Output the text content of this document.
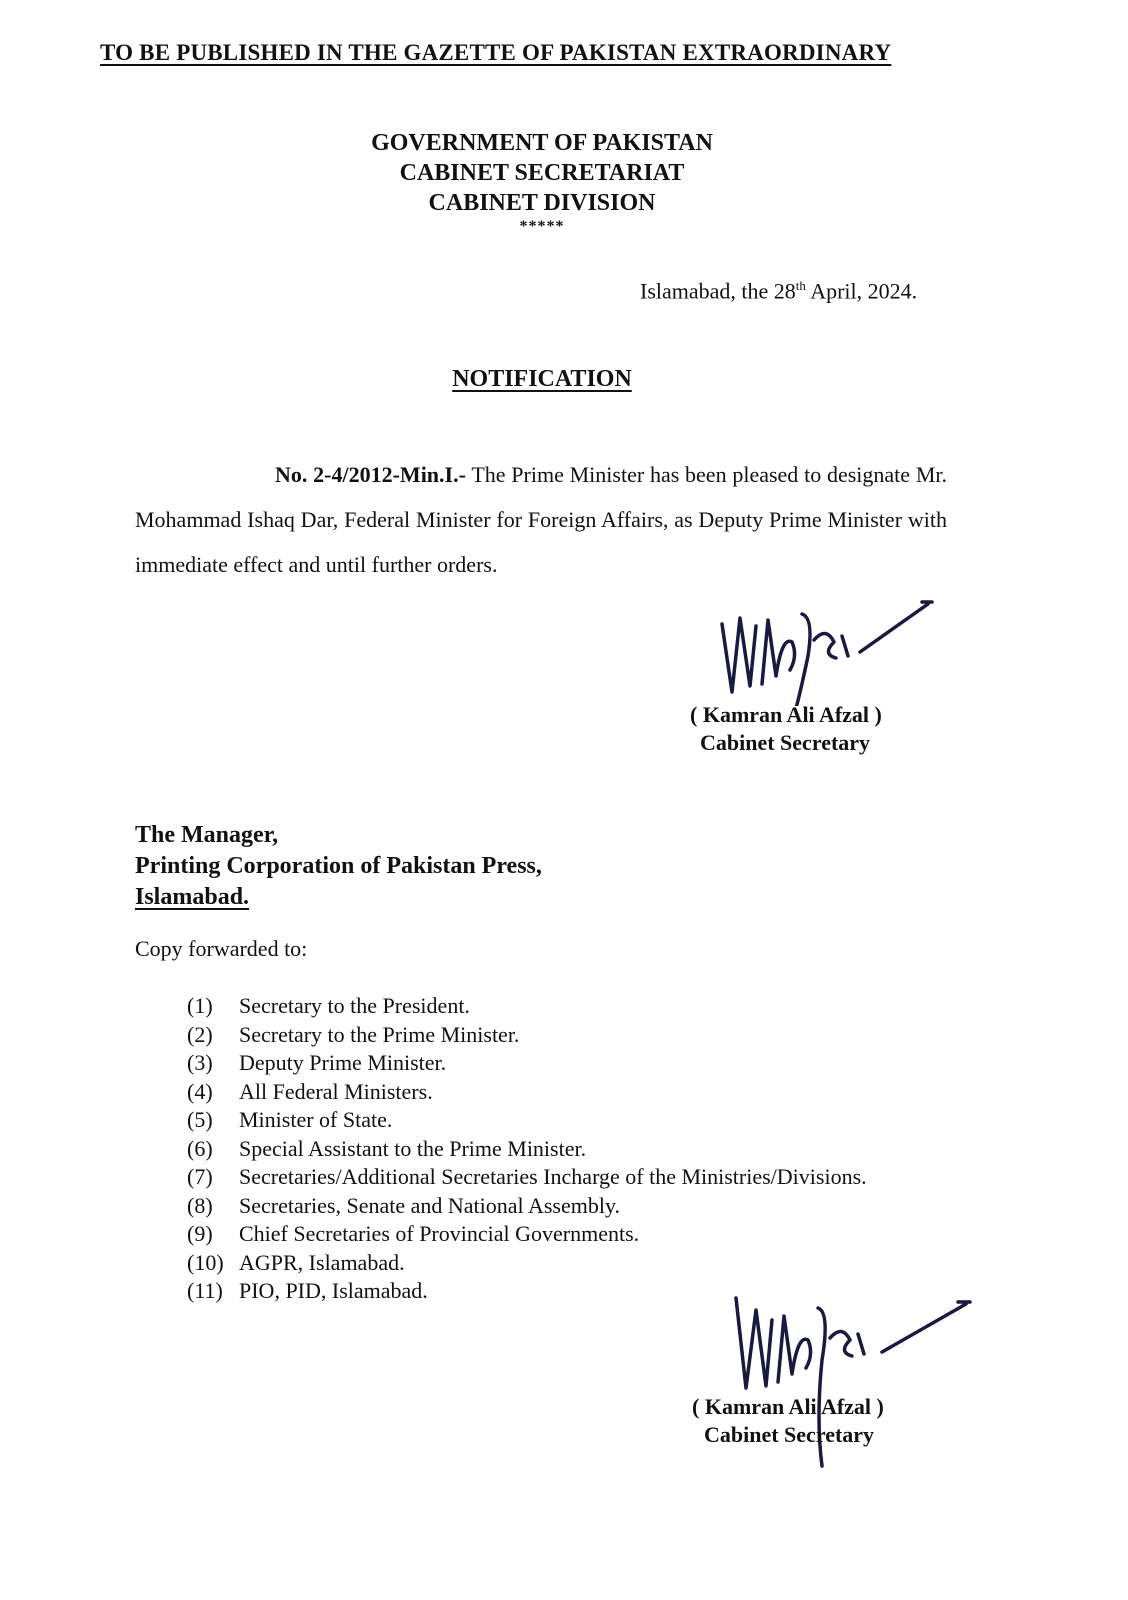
TO BE PUBLISHED IN THE GAZETTE OF PAKISTAN EXTRAORDINARY
GOVERNMENT OF PAKISTAN
CABINET SECRETARIAT
CABINET DIVISION
*****
Islamabad, the 28th April, 2024.
NOTIFICATION
No. 2-4/2012-Min.I.- The Prime Minister has been pleased to designate Mr. Mohammad Ishaq Dar, Federal Minister for Foreign Affairs, as Deputy Prime Minister with immediate effect and until further orders.
( Kamran Ali Afzal )
Cabinet Secretary
The Manager,
Printing Corporation of Pakistan Press,
Islamabad.
Copy forwarded to:
(1)	Secretary to the President.
(2)	Secretary to the Prime Minister.
(3)	Deputy Prime Minister.
(4)	All Federal Ministers.
(5)	Minister of State.
(6)	Special Assistant to the Prime Minister.
(7)	Secretaries/Additional Secretaries Incharge of the Ministries/Divisions.
(8)	Secretaries, Senate and National Assembly.
(9)	Chief Secretaries of Provincial Governments.
(10) AGPR, Islamabad.
(11) PIO, PID, Islamabad.
( Kamran Ali Afzal )
Cabinet Secretary
